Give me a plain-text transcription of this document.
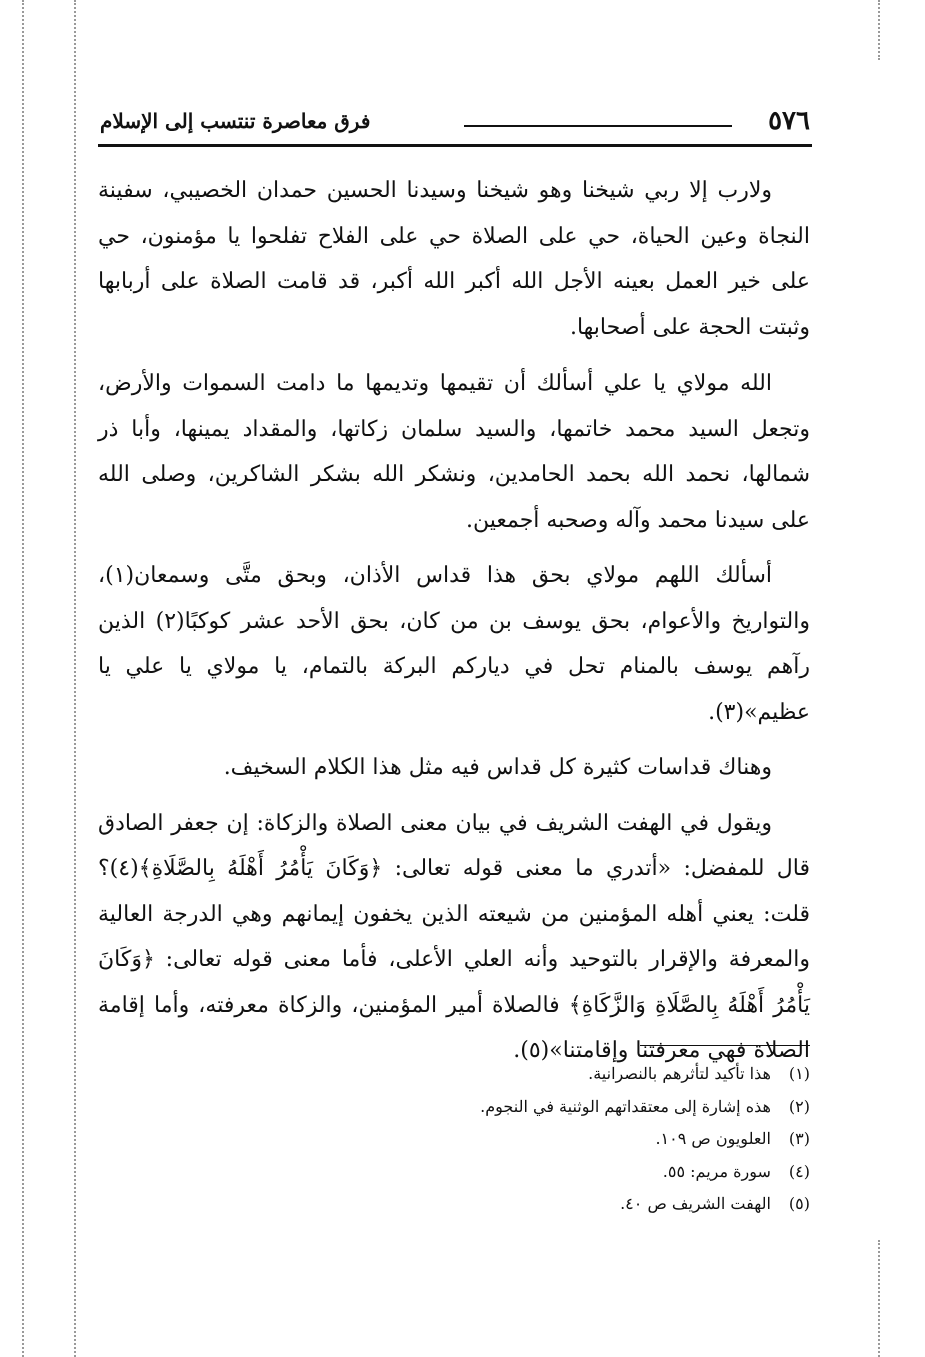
٥٧٦
فرق معاصرة تنتسب إلى الإسلام

ولارب إلا ربي شيخنا وهو شيخنا وسيدنا الحسين حمدان الخصيبي، سفينة النجاة وعين الحياة، حي على الصلاة حي على الفلاح تفلحوا يا مؤمنون، حي على خير العمل بعينه الأجل الله أكبر الله أكبر، قد قامت الصلاة على أربابها وثبتت الحجة على أصحابها.

الله مولاي يا علي أسألك أن تقيمها وتديمها ما دامت السموات والأرض، وتجعل السيد محمد خاتمها، والسيد سلمان زكاتها، والمقداد يمينها، وأبا ذر شمالها، نحمد الله بحمد الحامدين، ونشكر الله بشكر الشاكرين، وصلى الله على سيدنا محمد وآله وصحبه أجمعين.

أسألك اللهم مولاي بحق هذا قداس الأذان، وبحق متَّى وسمعان(١)، والتواريخ والأعوام، بحق يوسف بن من كان، بحق الأحد عشر كوكبًا(٢) الذين رآهم يوسف بالمنام تحل في دياركم البركة بالتمام، يا مولاي يا علي يا عظيم»(٣).

وهناك قداسات كثيرة كل قداس فيه مثل هذا الكلام السخيف.

ويقول في الهفت الشريف في بيان معنى الصلاة والزكاة: إن جعفر الصادق قال للمفضل: «أتدري ما معنى قوله تعالى: ﴿وَكَانَ يَأْمُرُ أَهْلَهُ بِالصَّلَاةِ﴾(٤)؟ قلت: يعني أهله المؤمنين من شيعته الذين يخفون إيمانهم وهي الدرجة العالية والمعرفة والإقرار بالتوحيد وأنه العلي الأعلى، فأما معنى قوله تعالى: ﴿وَكَانَ يَأْمُرُ أَهْلَهُ بِالصَّلَاةِ وَالزَّكَاةِ﴾ فالصلاة أمير المؤمنين، والزكاة معرفته، وأما إقامة الصلاة فهي معرفتنا وإقامتنا»(٥).

(١) هذا تأكيد لتأثرهم بالنصرانية.
(٢) هذه إشارة إلى معتقداتهم الوثنية في النجوم.
(٣) العلويون ص ١٠٩.
(٤) سورة مريم: ٥٥.
(٥) الهفت الشريف ص ٤٠.
